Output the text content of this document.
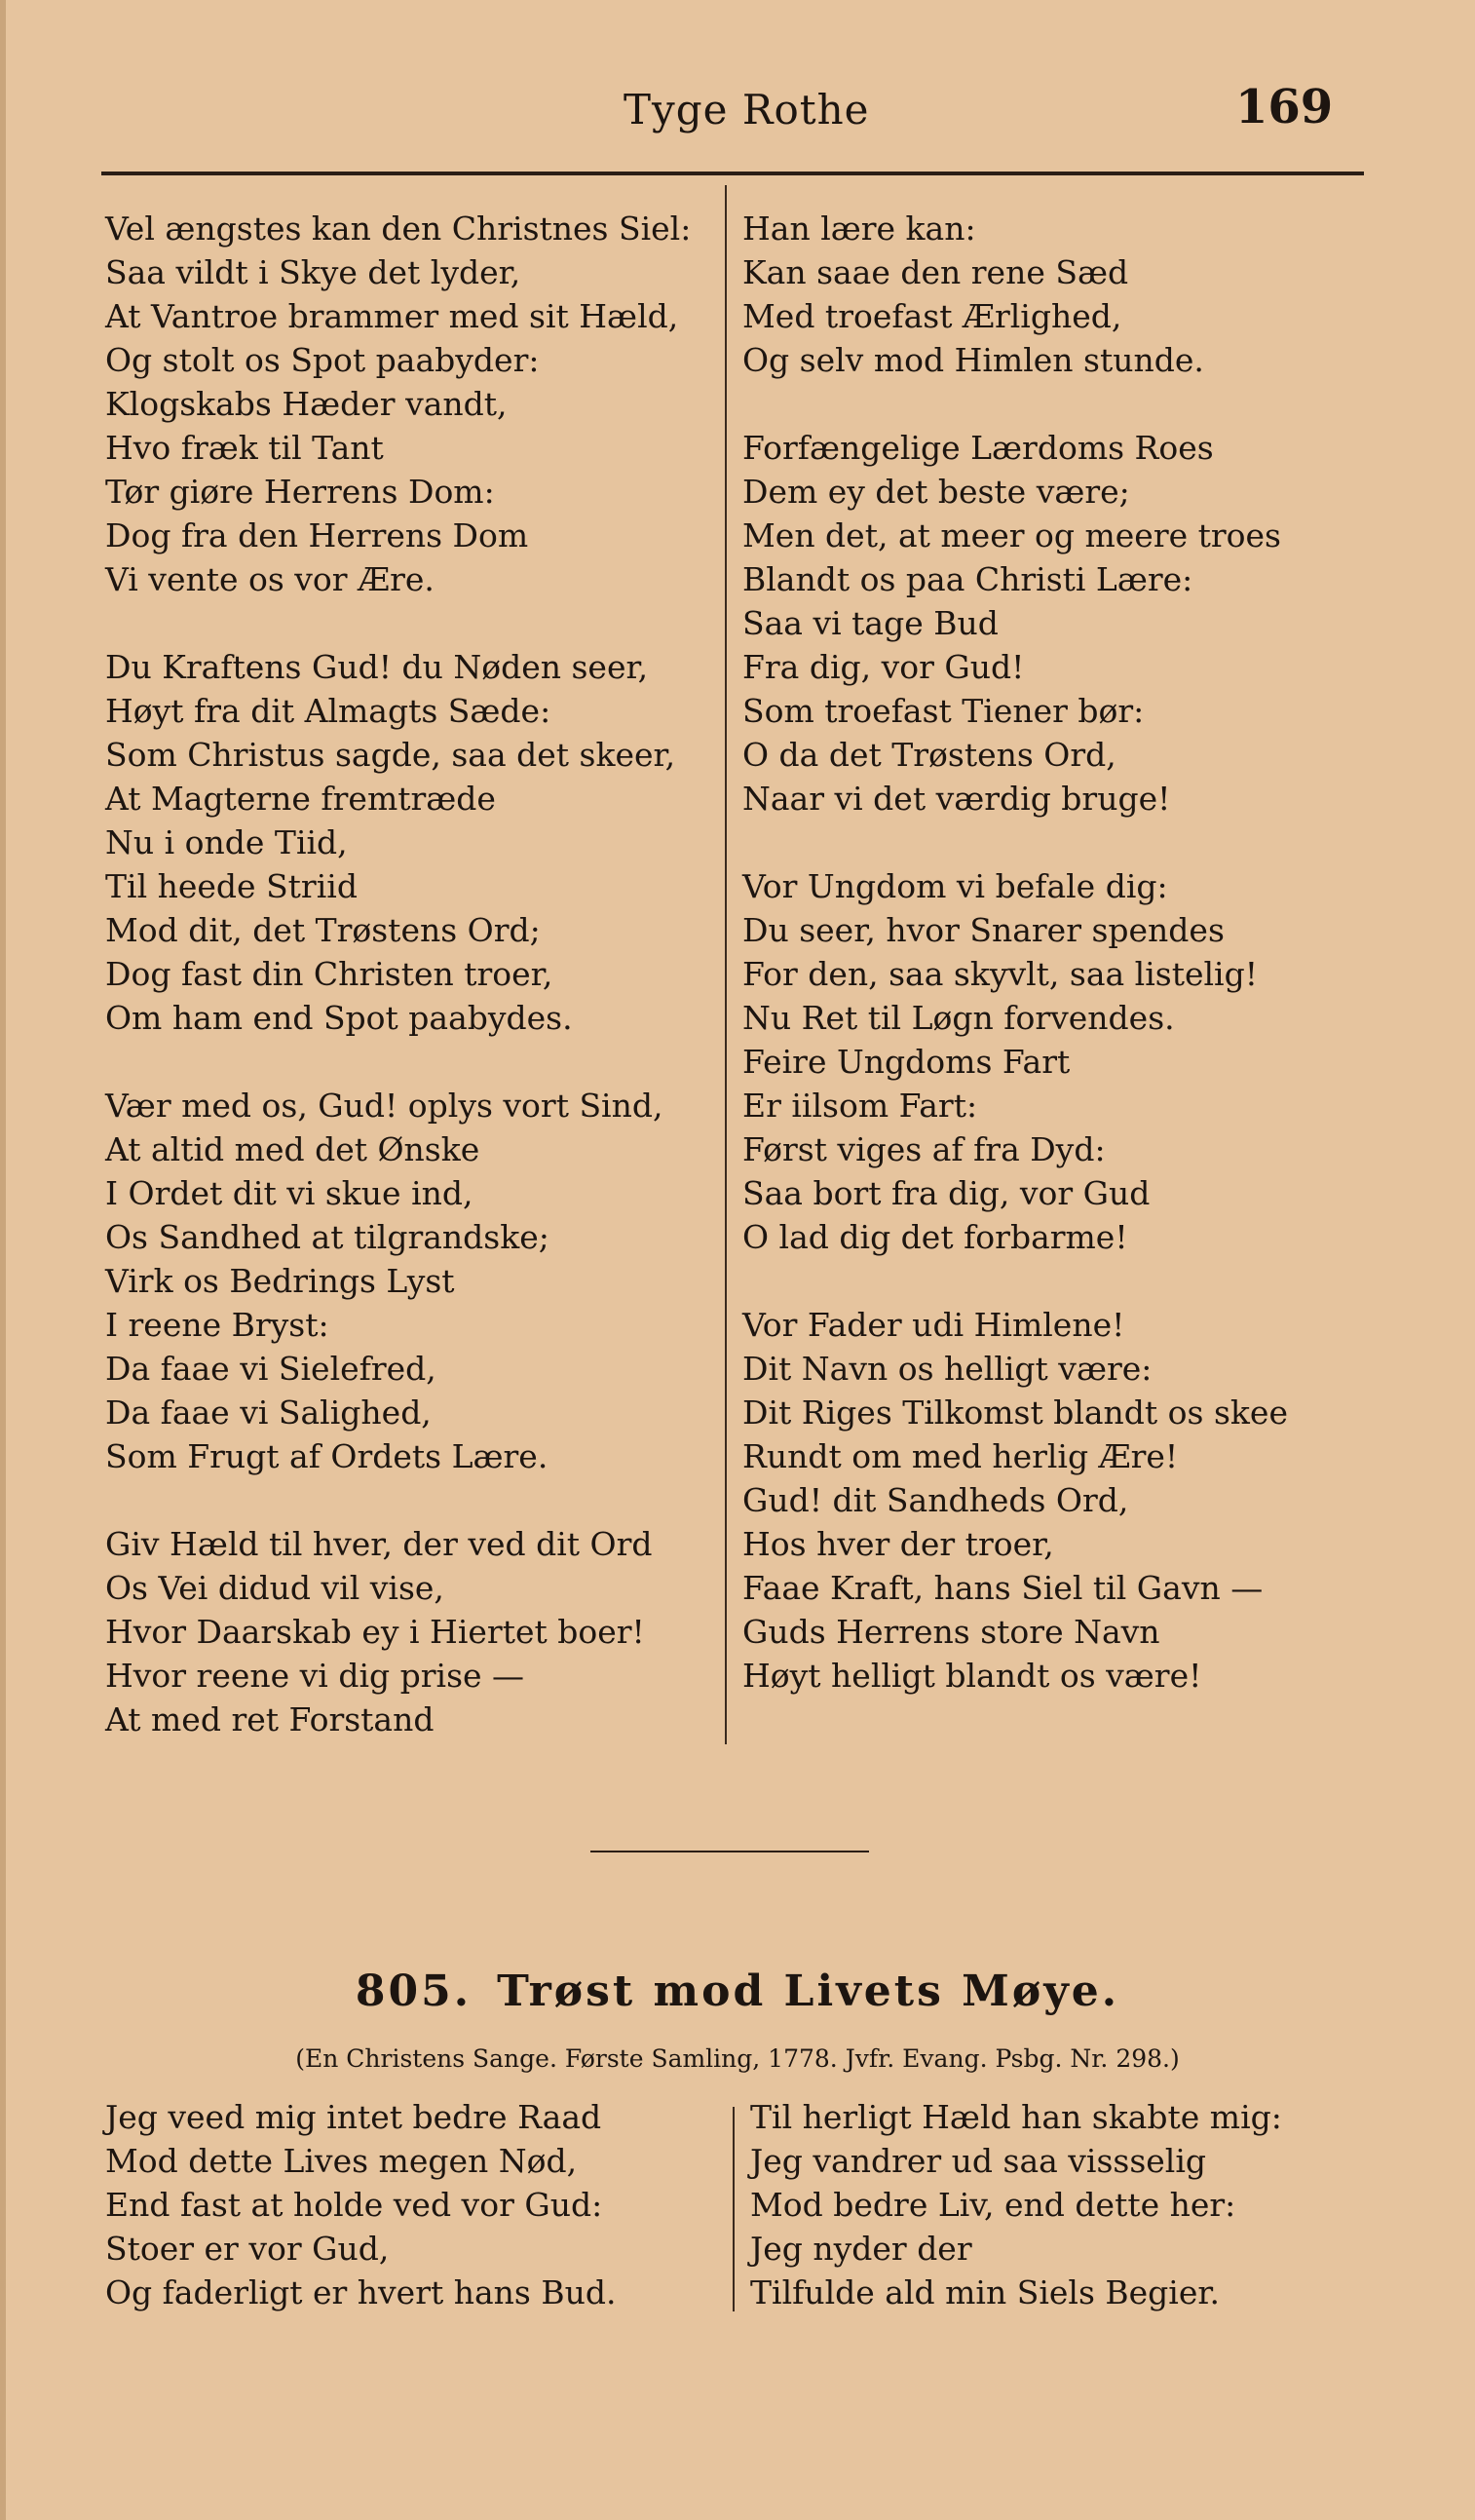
Tyge Rothe	169

Vel ængstes kan den Christnes Siel:

Saa vildt i Skye det lyder,

At Vantroe brammer med sit Hæld,

Og stolt os Spot paabyder:

Klogskabs Hæder vandt,

Hvo fræk til Tant

Tør giøre Herrens Dom:

Dog fra den Herrens Dom

Vi vente os vor Ære.

Du Kraftens Gud! du Nøden seer,

Høyt fra dit Almagts Sæde:

Som Christus sagde, saa det skeer,

At Magterne fremtræde

Nu i onde Tiid,

Til heede Striid

Mod dit, det Trøstens Ord;

Dog fast din Christen troer,

Om ham end Spot paabydes.

Vær med os, Gud! oplys vort Sind,

At altid med det Ønske

I Ordet dit vi skue ind,

Os Sandhed at tilgrandske;

Virk os Bedrings Lyst

I reene Bryst:

Da faae vi Sielefred,

Da faae vi Salighed,

Som Frugt af Ordets Lære.

Giv Hæld til hver, der ved dit Ord

Os Vei didud vil vise,

Hvor Daarskab ey i Hiertet boer!

Hvor reene vi dig prise —

At med ret Forstand

Han lære kan:

Kan saae den rene Sæd

Med troefast Ærlighed,

Og selv mod Himlen stunde.

Forfængelige Lærdoms Roes

Dem ey det beste være;

Men det, at meer og meere troes

Blandt os paa Christi Lære:

Saa vi tage Bud

Fra dig, vor Gud!

Som troefast Tiener bør:

O da det Trøstens Ord,

Naar vi det værdig bruge!

Vor Ungdom vi befale dig:

Du seer, hvor Snarer spendes

For den, saa skyvlt, saa listelig!

Nu Ret til Løgn forvendes.

Feire Ungdoms Fart

Er iilsom Fart:

Først viges af fra Dyd:

Saa bort fra dig, vor Gud

O lad dig det forbarme!

Vor Fader udi Himlene!

Dit Navn os helligt være:

Dit Riges Tilkomst blandt os skee

Rundt om med herlig Ære!

Gud! dit Sandheds Ord,

Hos hver der troer,

Faae Kraft, hans Siel til Gavn —

Guds Herrens store Navn

Høyt helligt blandt os være!

805. Trøst mod Livets Møye.
(En Christens Sange. Første Samling, 1778. Jvfr. Evang. Psbg. Nr. 298.)

Jeg veed mig intet bedre Raad

Mod dette Lives megen Nød,

End fast at holde ved vor Gud:

Stoer er vor Gud,

Og faderligt er hvert hans Bud.

Til herligt Hæld han skabte mig:

Jeg vandrer ud saa vissselig

Mod bedre Liv, end dette her:

Jeg nyder der

Tilfulde ald min Siels Begier.
